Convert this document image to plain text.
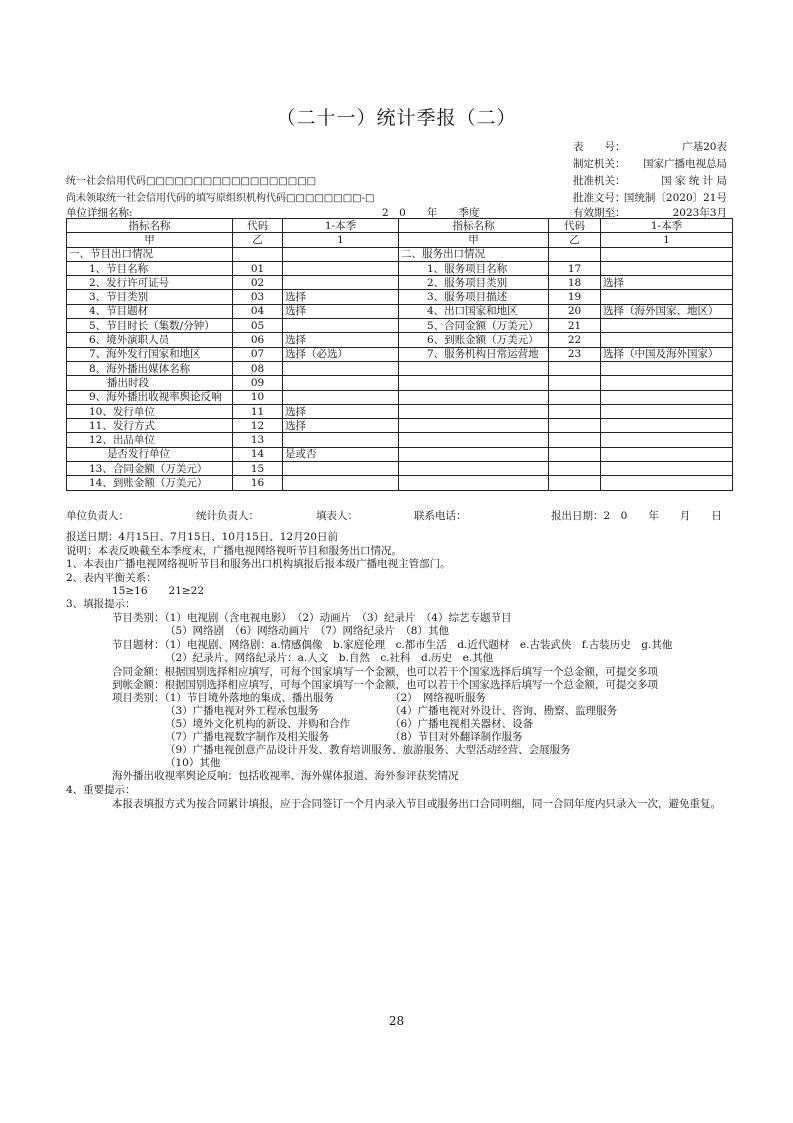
（二十一）统计季报（二）
表　　号：	广基20表
制定机关： 国家广播电视总局
批准机关：	国 家 统 计 局
批准文号：
国统制〔2020〕21号
有效期至：	2023年3月
统一社会信用代码□□□□□□□□□□□□□□□□□□
尚未领取统一社会信用代码的填写原组织机构代码□□□□□□□□-□
单位详细名称:	2　0　　年　　季度
指标名称	代码	1-本季	指标名称	代码	1-本季
甲	乙	1	甲	乙	1
一、节目出口情况			二、服务出口情况		
1、节目名称	01		1、服务项目名称	17	
2、发行许可证号	02		2、服务项目类别	18	选择
3、节目类别	03	选择	3、服务项目描述	19	
4、节目题材	04	选择	4、出口国家和地区	20	选择（海外国家、地区）
5、节目时长（集数/分钟）	05		5、合同金额（万美元）	21	
6、境外演职人员	06	选择	6、到账金额（万美元）	22	
7、海外发行国家和地区	07	选择（必选）	7、服务机构日常运营地	23	选择（中国及海外国家）
8、海外播出媒体名称	08				
播出时段	09				
9、海外播出收视率舆论反响	10				
10、发行单位	11	选择			
11、发行方式	12	选择			
12、出品单位	13				
是否发行单位	14	是或否			
13、合同金额（万美元）	15				
14、到账金额（万美元）	16				
单位负责人：	统计负责人：	填表人：	联系电话：	报出日期：2　0　　年　　月　　日
报送日期：4月15日、7月15日、10月15日、12月20日前
说明：本表反映截至本季度末，广播电视网络视听节目和服务出口情况。
1、本表由广播电视网络视听节目和服务出口机构填报后报本级广播电视主管部门。
2、表内平衡关系：
15≥16　　21≥22
3、填报提示：
节目类别：（1）电视剧（含电视电影）　（2）动画片　（3）纪录片　（4）综艺专题节目
（5）网络剧　（6）网络动画片　（7）网络纪录片　（8）其他
节目题材：（1）电视剧、网络剧：a.情感偶像　b.家庭伦理　c.都市生活　d.近代题材　e.古装武侠　f.古装历史　g.其他
（2）纪录片、网络纪录片：a.人文　b.自然　c.社科　d.历史　e.其他
合同金额：根据国别选择相应填写，可每个国家填写一个金额，也可以若干个国家选择后填写一个总金额，可提交多项
到帐金额：根据国别选择相应填写，可每个国家填写一个金额，也可以若干个国家选择后填写一个总金额，可提交多项
项目类别：（1）节目境外落地的集成、播出服务	（2）　网络视听服务
（3）广播电视对外工程承包服务	（4）广播电视对外设计、咨询、勘察、监理服务
（5）境外文化机构的新设、并购和合作	（6）广播电视相关器材、设备
（7）广播电视数字制作及相关服务	（8）节目对外翻译制作服务
（9）广播电视创意产品设计开发、教育培训服务、旅游服务、大型活动经营、会展服务
（10）其他
海外播出收视率舆论反响：包括收视率、海外媒体报道、海外参评获奖情况
4、重要提示：
本报表填报方式为按合同累计填报，应于合同签订一个月内录入节目或服务出口合同明细，同一合同年度内只录入一次，避免重复。
28
